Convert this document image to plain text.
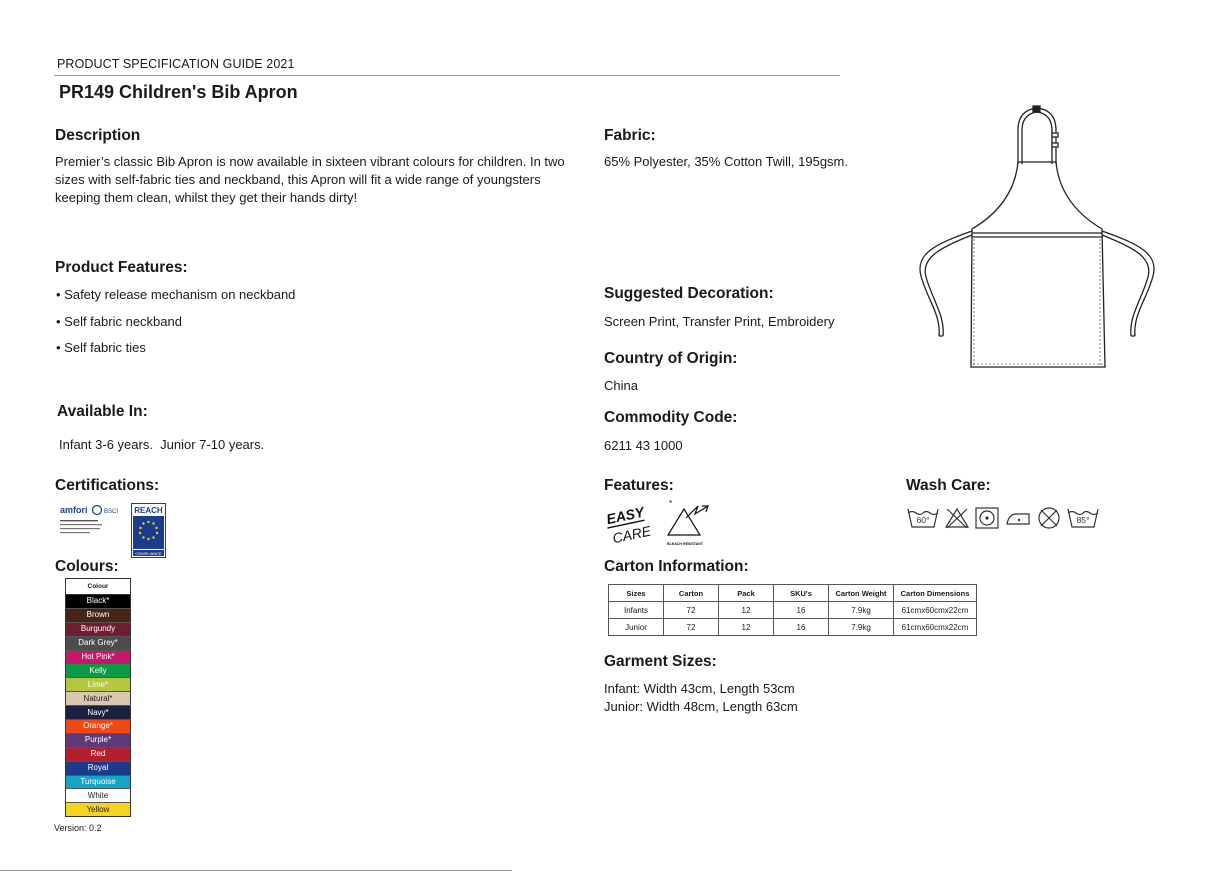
PRODUCT SPECIFICATION GUIDE 2021
PR149 Children's Bib Apron
Description
Premier’s classic Bib Apron is now available in sixteen vibrant colours for children. In two sizes with self-fabric ties and neckband, this Apron will fit a wide range of youngsters keeping them clean, whilst they get their hands dirty!
Product Features:
• Safety release mechanism on neckband
• Self fabric neckband
• Self fabric ties
Available In:
Infant 3-6 years.  Junior 7-10 years.
Certifications:
amfori	BSCI REACH
COMPLIANCE
Colours:
Colour
Black*
Brown
Burgundy
Dark Grey*
Hot Pink*
Kelly
Lime*
Natural*
Navy*
Orange*
Purple*
Red
Royal
Turquoise
White
Yellow
Version: 0.2
Fabric:
65% Polyester, 35% Cotton Twill, 195gsm.
Suggested Decoration:
Screen Print, Transfer Print, Embroidery
Country of Origin:
China
Commodity Code:
6211 43 1000
Features:
EASY
CARE
*
BLEACH RESISTANT
Wash Care:
60°	85°
Carton Information:
Sizes	Carton	Pack	SKU's	Carton Weight	Carton Dimensions
Infants	72	12	16	7.9kg	61cmx60cmx22cm
Junior	72	12	16	7.9kg	61cmx60cmx22cm
Garment Sizes:
Infant: Width 43cm, Length 53cm
Junior: Width 48cm, Length 63cm
